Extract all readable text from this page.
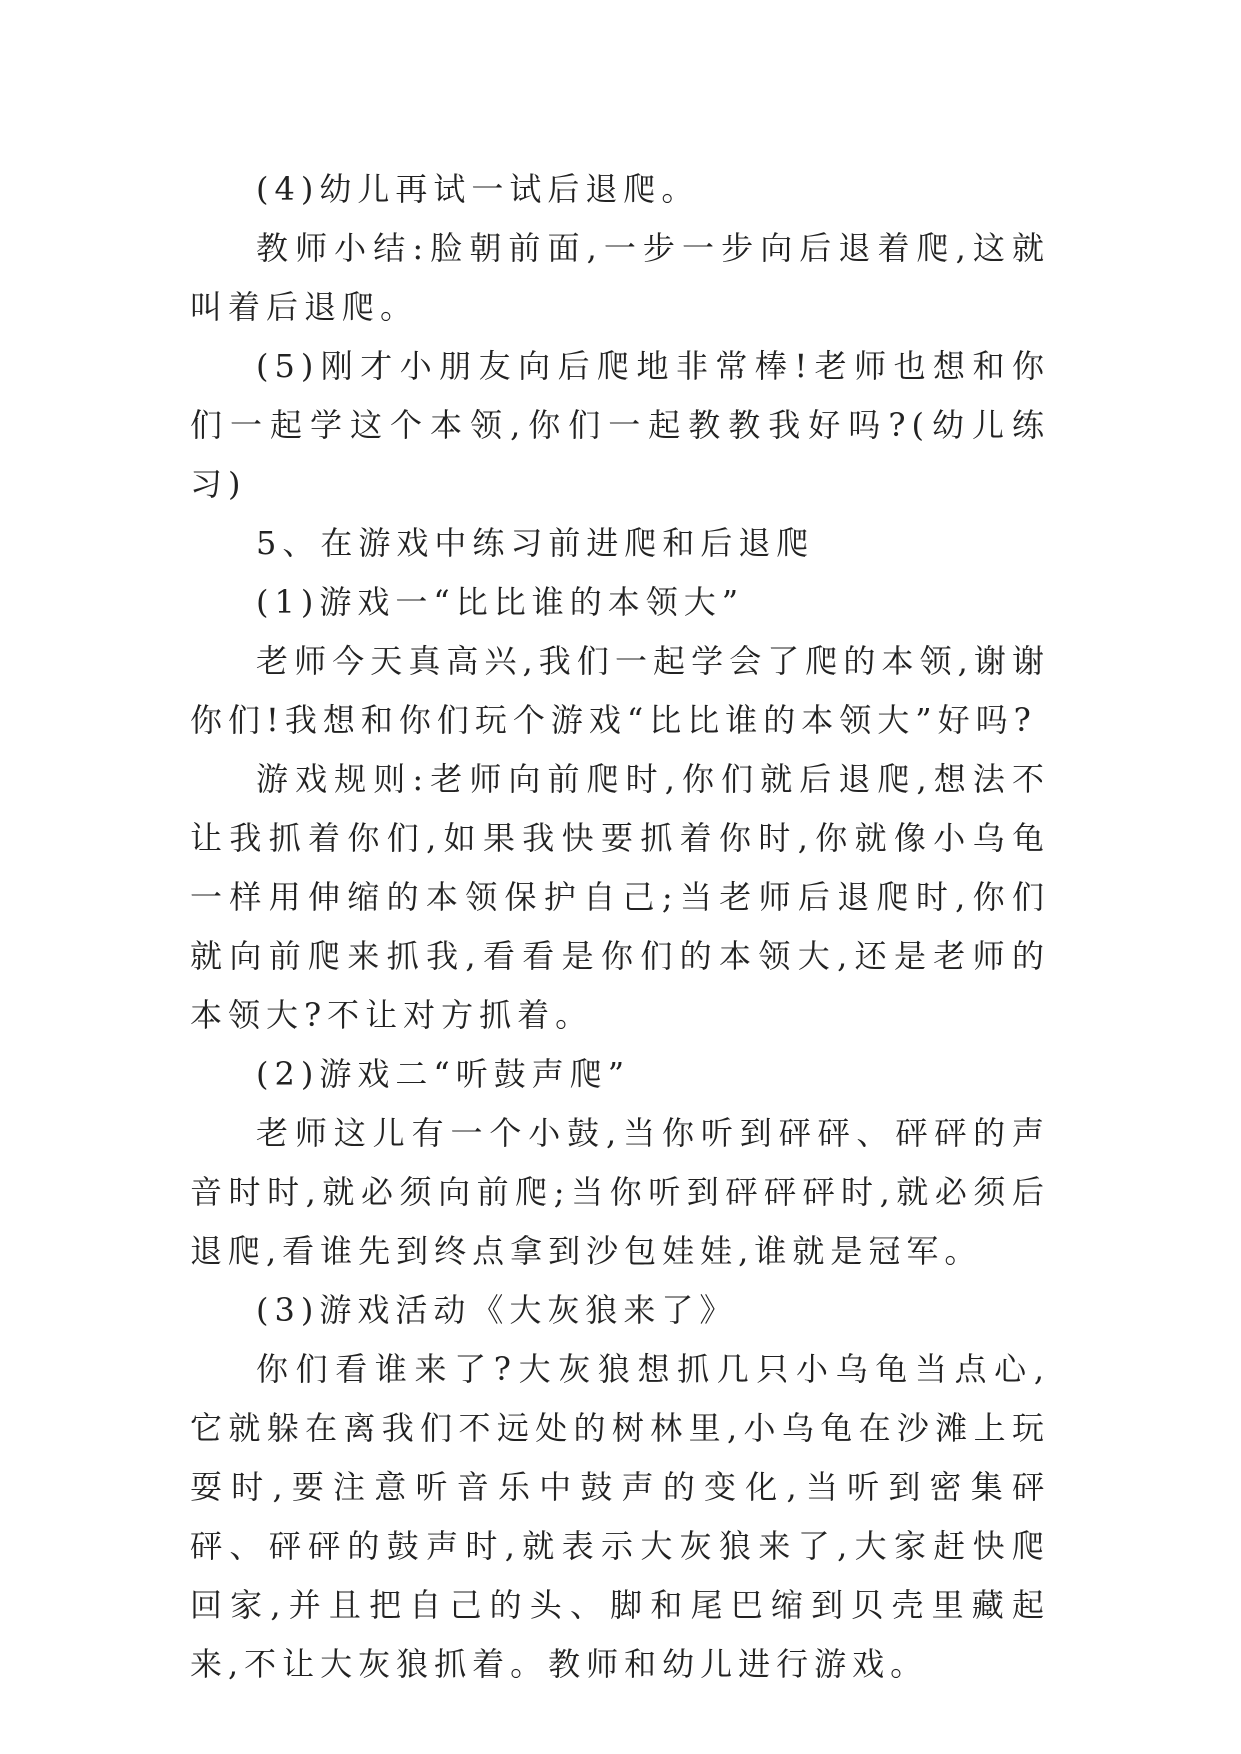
(4)幼儿再试一试后退爬。

教师小结:脸朝前面,一步一步向后退着爬,这就叫着后退爬。

(5)刚才小朋友向后爬地非常棒!老师也想和你们一起学这个本领,你们一起教教我好吗?(幼儿练习)

5、在游戏中练习前进爬和后退爬

(1)游戏一“比比谁的本领大”

老师今天真高兴,我们一起学会了爬的本领,谢谢你们!我想和你们玩个游戏“比比谁的本领大”好吗?

游戏规则:老师向前爬时,你们就后退爬,想法不让我抓着你们,如果我快要抓着你时,你就像小乌龟一样用伸缩的本领保护自己;当老师后退爬时,你们就向前爬来抓我,看看是你们的本领大,还是老师的本领大?不让对方抓着。

(2)游戏二“听鼓声爬”

老师这儿有一个小鼓,当你听到砰砰、砰砰的声音时时,就必须向前爬;当你听到砰砰砰时,就必须后退爬,看谁先到终点拿到沙包娃娃,谁就是冠军。

(3)游戏活动《大灰狼来了》

你们看谁来了?大灰狼想抓几只小乌龟当点心,它就躲在离我们不远处的树林里,小乌龟在沙滩上玩耍时,要注意听音乐中鼓声的变化,当听到密集砰砰、砰砰的鼓声时,就表示大灰狼来了,大家赶快爬回家,并且把自己的头、脚和尾巴缩到贝壳里藏起来,不让大灰狼抓着。教师和幼儿进行游戏。
